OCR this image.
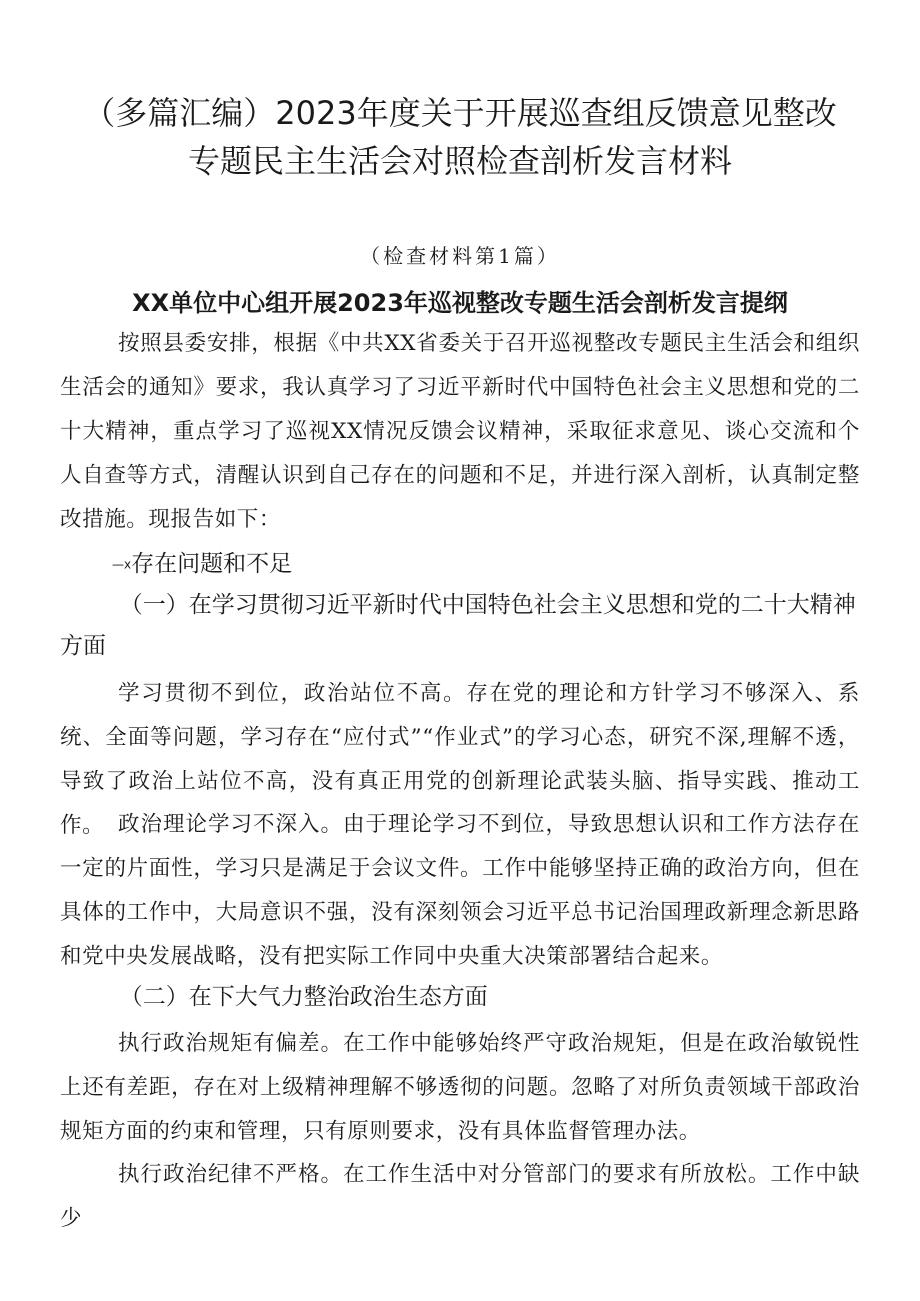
（多篇汇编）2023年度关于开展巡查组反馈意见整改
专题民主生活会对照检查剖析发言材料
（检查材料第1篇）
XX单位中心组开展2023年巡视整改专题生活会剖析发言提纲

按照县委安排，根据《中共XX省委关于召开巡视整改专题民主生活会和组织生活会的通知》要求，我认真学习了习近平新时代中国特色社会主义思想和党的二十大精神，重点学习了巡视XX情况反馈会议精神，采取征求意见、谈心交流和个人自查等方式，清醒认识到自己存在的问题和不足，并进行深入剖析，认真制定整改措施。现报告如下：

—x存在问题和不足
（一）在学习贯彻习近平新时代中国特色社会主义思想和党的二十大精神方面

学习贯彻不到位，政治站位不高。存在党的理论和方针学习不够深入、系统、全面等问题，学习存在“应付式”“作业式”的学习心态，研究不深,理解不透，导致了政治上站位不高，没有真正用党的创新理论武装头脑、指导实践、推动工作。 政治理论学习不深入。由于理论学习不到位，导致思想认识和工作方法存在一定的片面性，学习只是满足于会议文件。工作中能够坚持正确的政治方向，但在具体的工作中，大局意识不强，没有深刻领会习近平总书记治国理政新理念新思路和党中央发展战略，没有把实际工作同中央重大决策部署结合起来。

（二）在下大气力整治政治生态方面

执行政治规矩有偏差。在工作中能够始终严守政治规矩，但是在政治敏锐性上还有差距，存在对上级精神理解不够透彻的问题。忽略了对所负责领域干部政治规矩方面的约束和管理，只有原则要求，没有具体监督管理办法。

执行政治纪律不严格。在工作生活中对分管部门的要求有所放松。工作中缺少
